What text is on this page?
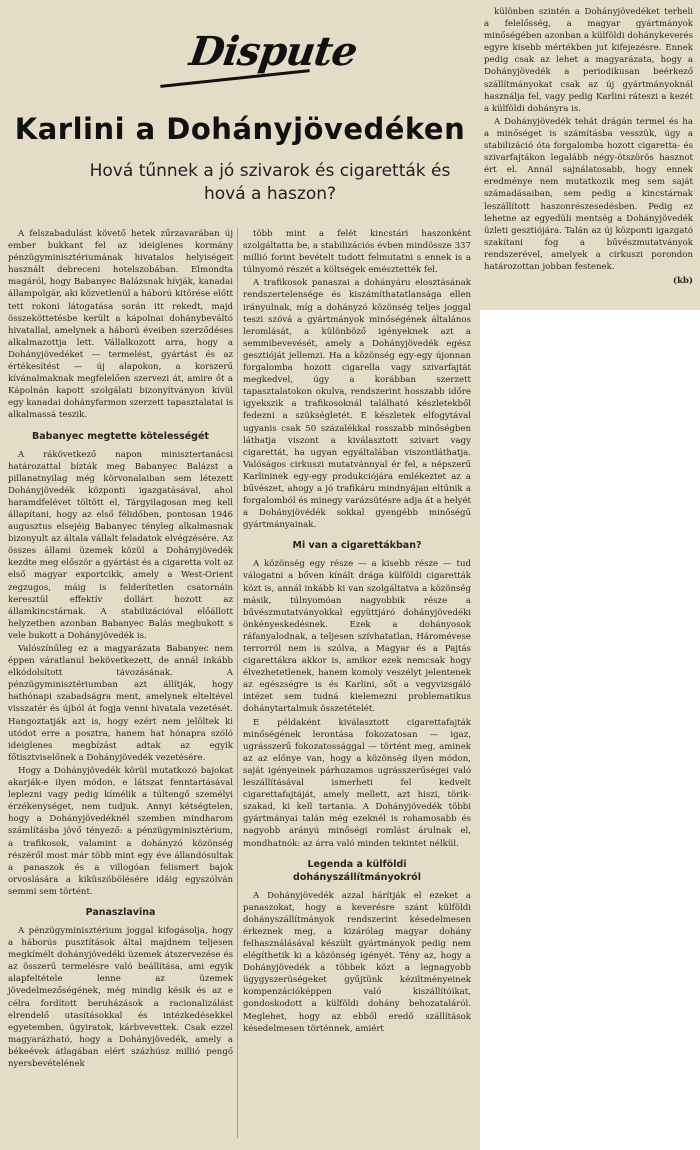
Dispute
Karlini a Dohányjövedéken
Hová tűnnek a jó szivarok és cigaretták és hová a haszon?

A felszabadulást követő hetek zűrzavarában új ember bukkant fel az ideiglenes kormány pénzügyminisztériumának hivatalos helyiségeit használt debreceni hotelszobában. Elmondta magáról, hogy Babanyec Balázsnak hívják, kanadai állampolgár, aki közvetlenül a háború kitörése előtt tett rokoni látogatása során itt rekedt, majd összeköttetésbe került a kápolnai dohánybeváltó hivatallal, amelynek a háború éveiben szerződéses alkalmazottja lett. Vállalkozott arra, hogy a Dohányjövedéket — termelést, gyártást és az értékesítést — új alapokon, a korszerű kívánalmaknak megfelelően szervezi át, amire őt a Kápolnán kapott szolgálati bizonyítványon kívül egy kanadai dohányfarmon szerzett tapasztalatai is alkalmassá teszik.

Babanyec megtette kötelességét

A rákövetkező napon minisztertanácsi határozattal bízták meg Babanyec Balázst a pillanatnyilag még körvonalaiban sem létezett Dohányjövedék központi igazgatásával, ahol haramdfelévet töltött el, Tárgyilagosan meg kell állapítani, hogy az első félidőben, pontosan 1946 augusztus elsejéig Babanyec tényleg alkalmasnak bizonyult az általa vállalt feladatok elvégzésére. Az összes állami üzemek közül a Dohányjövedék kezdte meg először a gyártást és a cigaretta volt az első magyar exportcikk, amely a West-Orient zegzugos, máig is felderítetlen csatornáin keresztül effektív dollárt hozott az államkincstárnak. A stabilizációval előállott helyzetben azonban Babanyec Balás megbukott s vele bukott a Dohányjövedék is.

Valószínűleg ez a magyarázata Babanyec nem éppen váratlanul bekövetkezett, de annál inkább elkódolsított távozásának. A pénzügyminisztériumban azt állítják, hogy hathónapi szabadságra ment, amelynek elteltével visszatér és újból át fogja venni hivatala vezetését. Hangoztatják azt is, hogy ezért nem jelöltek ki utódot erre a posztra, hanem hat hónapra szóló ideiglenes megbízást adtak az egyik főtisztviselőnek a Dohányjövedék vezetésére.

Hogy a Dohányjövedék körül mutatkozó bajokat akarják-e ilyen módon, e látszat fenntartásával leplezni vagy pedig kímélik a túltengő személyi érzékenységet, nem tudjuk. Annyi kétségtelen, hogy a Dohányjövedéknél szemben mindharom számlításba jövő tényező: a pénzügyminisztérium, a trafikosok, valamint a dohányzó közönség részéről most már több mint egy éve állandósultak a panaszok és a villogóan felismert bajok orvoslására a kiküszöbölésére idáig egyszólván semmi sem történt.

Panaszlavina

A pénzügyminisztérium joggal kifogásolja, hogy a háborús pusztítások által majdnem teljesen megkímélt dohányjövedéki üzemek átszervezése és az összerű termelésre való beállítása, ami egyik alapfeltétele lenne az üzemek jövedelmezőségének, még mindig késik és az e célra fordított beruházások a racionalizálást elrendelő utasításokkal és intézkedésekkel egyetemben, ügyiratok, kárbvevettek. Csak ezzel magyarázható, hogy a Dohányjövedék, amely a békeévek átlagában elért százhúsz millió pengő nyersbevételének

több mint a felét kincstári haszonként szolgáltatta be, a stabilizációs évben mindössze 337 millió forint bevételt tudott felmutatni s ennek is a túlnyomó részét a költségek emésztették fel.

A trafikosok panaszai a dohányáru elosztásának rendszertelensége és kiszámíthatatlansága ellen irányulnak, míg a dohányzó közönség teljes joggal teszi szóvá a gyártmányok minőségének általános leromlását, a különböző igényeknek azt a semmibevevését, amely a Dohányjövedék egész gesztióját jellemzi. Ha a közönség egy-egy újonnan forgalomba hozott cigarella vagy szivarfajtát megkedvel, úgy a korábban szerzett tapasztalatokon okulva, rendszerint hosszabb időre igyekszik a trafikosoknál található készletekből fedezni a szükségletét. E készletek elfogytával ugyanis csak 50 százalékkal rosszabb minőségben láthatja viszont a kiválasztott szivart vagy cigarettát, ha ugyan egyáltalában viszontláthatja. Valóságos cirkuszi mutatvánnyal ér fel, a népszerű Karlininek egy-egy produkciójára emlékeztet az a bűvészet, ahogy a jó trafikáru mindnyájan eltűnik a forgalomból és minegy varázsütésre adja át a helyét a Dohányjövédék sokkal gyengébb minőségű gyártmányainak.

Mi van a cigarettákban?

A közönség egy része — a kisebb része — tud válogatni a bőven kínált drága külföldi cigaretták közt is, annál inkább ki van szolgáltatva a közönség másik, túlnyomóan nagyobbik része a bűvészmutatványokkal együttjáró dohányjövedéki önkényeskedésnek. Ezek a dohányosok ráfanyalodnak, a teljesen szívhatatlan, Háromévese terrorról nem is szólva, a Magyar és a Pajtás cigarettákra akkor is, amikor ezek nemcsak hogy élvezhetetlenek, hanem komoly veszélyt jelentenek az egészségre is és Karlini, sőt a vegyvizsgáló intézet sem tudná kielemezni problematikus dohánytartalmuk összetételét.

E példaként kiválasztott cigarettafajták minőségének lerontása fokozatosan — igaz, ugrásszerű fokozatossággal — történt meg, aminek az az előnye van, hogy a közönség ilyen módon, saját igényeinek párhuzamos ugrásszerűségei való leszállításával ismerheti fel kedvelt cigarettafajtáját, amely mellett, azt hiszi, törik-szakad, ki kell tartania. A Dohányjövedék többi gyártmányai talán még ezeknél is rohamosabb és nagyobb arányú minőségi romlást árulnak el, mondhatnók: az árra való minden tekintet nélkül.

Legenda a külföldi dohányszállítmányokról

A Dohányjövedék azzal hárítják el ezeket a panaszokat, hogy a keverésre szánt külföldi dohányszállítmányok rendszerint késedelmesen érkeznek meg, a kizárólag magyar dohány felhasználásával készült gyártmányok pedig nem elégíthetik ki a közönség igényét. Tény az, hogy a Dohányjövedék a többek közt a legnagyobb ügygyszerüségeket gyűjtünk kéziltményeinek kompenzációképpen való kiszállítóikat, gondoskodott a külföldi dohány behozataláról. Meglehet, hogy az ebből eredő szállítások késedelmesen történnek, amiért

különben szintén a Dohányjövedéket terheli a felelősség, a magyar gyártmányok minőségében azonban a külföldi dohánykeverés egyre kisebb mértékben jut kifejezésre. Ennek pedig csak az lehet a magyarázata, hogy a Dohányjövedék a periodikusan beérkező szállítmányokat csak az új gyártmányoknál használja fel, vagy pedig Karlini ráteszi a kezét a külföldi dohányra is.

A Dohányjövedék tehát drágán termel és ha a minőséget is számításba vesszük, úgy a stabilizáció óta forgalomba hozott cigaretta- és szivarfajtákon legalább négy-ötszörös hasznot ért el. Annál sajnálatosabb, hogy ennek eredménye nem mutatkozik meg sem saját számadásaiban, sem pedig a kincstárnak leszállított haszonrészesedésben. Pedig ez lehetne az egyedüli mentség a Dohányjövedék üzleti gesztiójára. Talán az új központi igazgató szakítani fog a bűvészmutatványok rendszerével, amelyek a cirkuszi porondon határozottan jobban festenek.

(kb)
